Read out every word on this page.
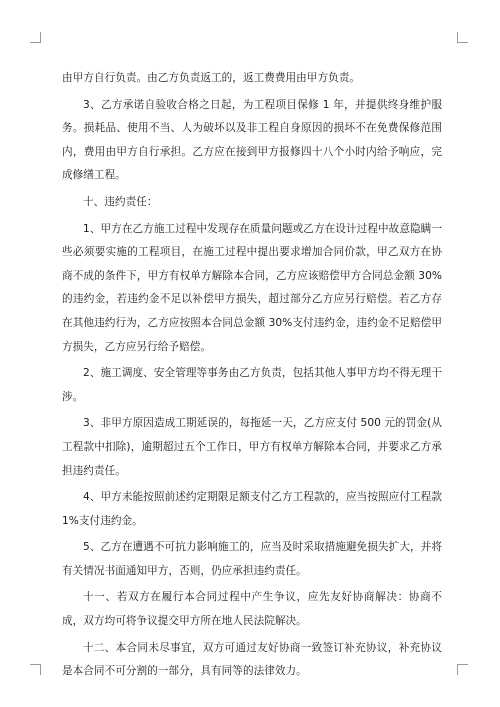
由甲方自行负责。由乙方负责返工的，返工费费用由甲方负责。

3、乙方承诺自验收合格之日起，为工程项目保修 1 年，并提供终身维护服务。损耗品、使用不当、人为破坏以及非工程自身原因的损坏不在免费保修范围内，费用由甲方自行承担。乙方应在接到甲方报修四十八个小时内给予响应，完成修缮工程。

十、违约责任：

1、甲方在乙方施工过程中发现存在质量问题或乙方在设计过程中故意隐瞒一些必须要实施的工程项目，在施工过程中提出要求增加合同价款，甲乙双方在协商不成的条件下，甲方有权单方解除本合同，乙方应该赔偿甲方合同总金额 30%的违约金，若违约金不足以补偿甲方损失，超过部分乙方应另行赔偿。若乙方存在其他违约行为，乙方应按照本合同总金额 30%支付违约金，违约金不足赔偿甲方损失，乙方应另行给予赔偿。

2、施工调度、安全管理等事务由乙方负责，包括其他人事甲方均不得无理干涉。

3、非甲方原因造成工期延误的，每拖延一天，乙方应支付 500 元的罚金(从 工程款中扣除)，逾期超过五个工作日，甲方有权单方解除本合同，并要求乙方承担违约责任。

4、甲方未能按照前述约定期限足额支付乙方工程款的，应当按照应付工程款 1%支付违约金。

5、乙方在遭遇不可抗力影响施工的，应当及时采取措施避免损失扩大，并将有关情况书面通知甲方，否则，仍应承担违约责任。

十一、若双方在履行本合同过程中产生争议，应先友好协商解决：协商不成，双方均可将争议提交甲方所在地人民法院解决。

十二、本合同未尽事宜，双方可通过友好协商一致签订补充协议，补充协议是本合同不可分割的一部分，具有同等的法律效力。
